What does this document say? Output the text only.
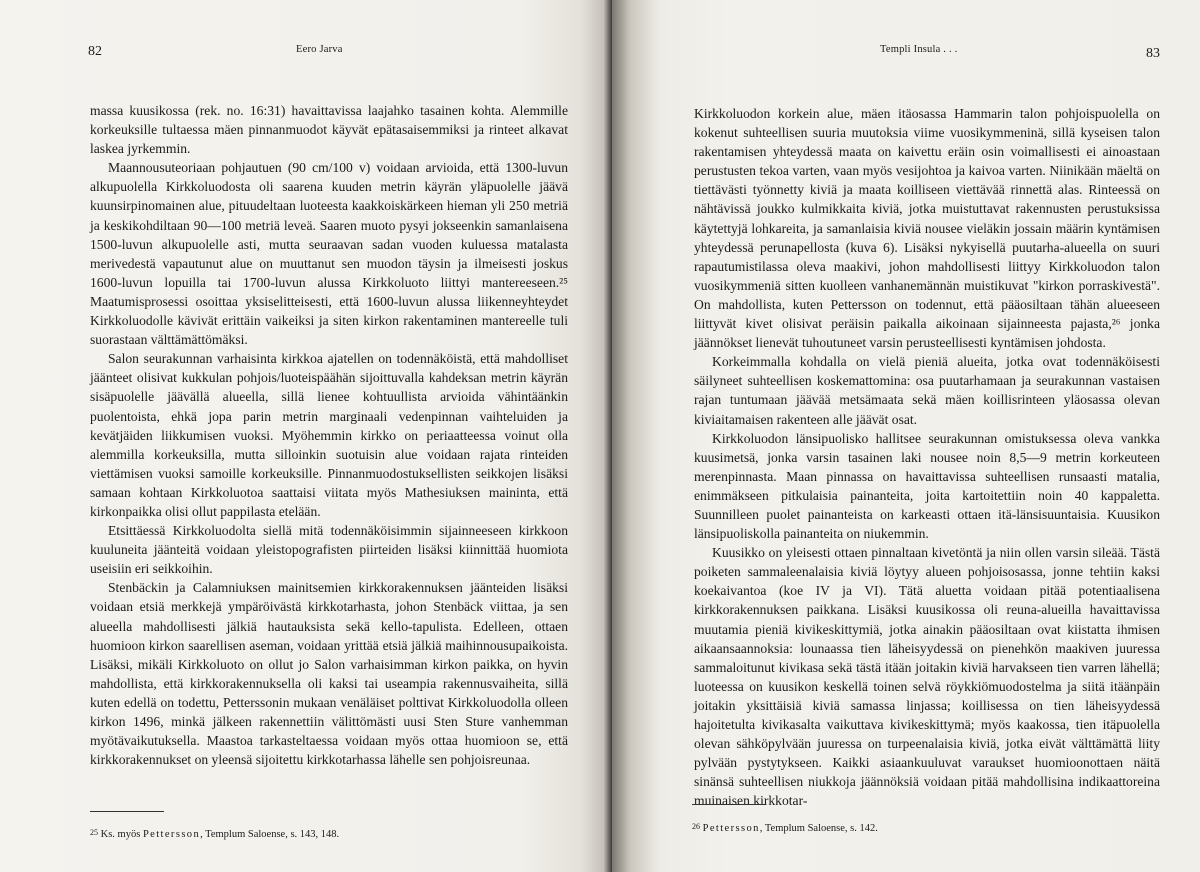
82	Eero Jarva

massa kuusikossa (rek. no. 16:31) havaittavissa laajahko tasainen kohta. Alemmille korkeuksille tultaessa mäen pinnanmuodot käyvät epätasaisemmiksi ja rinteet alkavat laskea jyrkemmin.

Maannousuteoriaan pohjautuen (90 cm/100 v) voidaan arvioida, että 1300-luvun alkupuolella Kirkkoluodosta oli saarena kuuden metrin käyrän yläpuolelle jäävä kuunsirpinomainen alue, pituudeltaan luoteesta kaakkoiskärkeen hieman yli 250 metriä ja keskikohdiltaan 90—100 metriä leveä. Saaren muoto pysyi jokseenkin samanlaisena 1500-luvun alkupuolelle asti, mutta seuraavan sadan vuoden kuluessa matalasta merivedestä vapautunut alue on muuttanut sen muodon täysin ja ilmeisesti joskus 1600-luvun lopuilla tai 1700-luvun alussa Kirkkoluoto liittyi mantereeseen.²⁵ Maatumisprosessi osoittaa yksiselitteisesti, että 1600-luvun alussa liikenneyhteydet Kirkkoluodolle kävivät erittäin vaikeiksi ja siten kirkon rakentaminen mantereelle tuli suorastaan välttämättömäksi.

Salon seurakunnan varhaisinta kirkkoa ajatellen on todennäköistä, että mahdolliset jäänteet olisivat kukkulan pohjois/luoteispäähän sijoittuvalla kahdeksan metrin käyrän sisäpuolelle jäävällä alueella, sillä lienee kohtuullista arvioida vähintäänkin puolentoista, ehkä jopa parin metrin marginaali vedenpinnan vaihteluiden ja kevätjäiden liikkumisen vuoksi. Myöhemmin kirkko on periaatteessa voinut olla alemmilla korkeuksilla, mutta silloinkin suotuisin alue voidaan rajata rinteiden viettämisen vuoksi samoille korkeuksille. Pinnanmuodostuksellisten seikkojen lisäksi samaan kohtaan Kirkkoluotoa saattaisi viitata myös Mathesiuksen maininta, että kirkonpaikka olisi ollut pappilasta etelään.

Etsittäessä Kirkkoluodolta siellä mitä todennäköisimmin sijainneeseen kirkkoon kuuluneita jäänteitä voidaan yleistopografisten piirteiden lisäksi kiinnittää huomiota useisiin eri seikkoihin.

Stenbäckin ja Calamniuksen mainitsemien kirkkorakennuksen jäänteiden lisäksi voidaan etsiä merkkejä ympäröivästä kirkkotarhasta, johon Stenbäck viittaa, ja sen alueella mahdollisesti jälkiä hautauksista sekä kello-tapulista. Edelleen, ottaen huomioon kirkon saarellisen aseman, voidaan yrittää etsiä jälkiä maihinnousupaikoista. Lisäksi, mikäli Kirkkoluoto on ollut jo Salon varhaisimman kirkon paikka, on hyvin mahdollista, että kirkkorakennuksella oli kaksi tai useampia rakennusvaiheita, sillä kuten edellä on todettu, Petterssonin mukaan venäläiset polttivat Kirkkoluodolla olleen kirkon 1496, minkä jälkeen rakennettiin välittömästi uusi Sten Sture vanhemman myötävaikutuksella. Maastoa tarkasteltaessa voidaan myös ottaa huomioon se, että kirkkorakennukset on yleensä sijoitettu kirkkotarhassa lähelle sen pohjoisreunaa.

25 Ks. myös Pettersson, Templum Saloense, s. 143, 148.
Templi Insula . . .	83

Kirkkoluodon korkein alue, mäen itäosassa Hammarin talon pohjoispuolella on kokenut suhteellisen suuria muutoksia viime vuosikymmeninä, sillä kyseisen talon rakentamisen yhteydessä maata on kaivettu eräin osin voimallisesti ei ainoastaan perustusten tekoa varten, vaan myös vesijohtoa ja kaivoa varten. Niinikään mäeltä on tiettävästi työnnetty kiviä ja maata koilliseen viettävää rinnettä alas. Rinteessä on nähtävissä joukko kulmikkaita kiviä, jotka muistuttavat rakennusten perustuksissa käytettyjä lohkareita, ja samanlaisia kiviä nousee vieläkin jossain määrin kyntämisen yhteydessä perunapellosta (kuva 6). Lisäksi nykyisellä puutarha-alueella on suuri rapautumistilassa oleva maakivi, johon mahdollisesti liittyy Kirkkoluodon talon vuosikymmeniä sitten kuolleen vanhanemännän muistikuvat "kirkon porraskivestä". On mahdollista, kuten Pettersson on todennut, että pääosiltaan tähän alueeseen liittyvät kivet olisivat peräisin paikalla aikoinaan sijainneesta pajasta,²⁶ jonka jäännökset lienevät tuhoutuneet varsin perusteellisesti kyntämisen johdosta.

Korkeimmalla kohdalla on vielä pieniä alueita, jotka ovat todennäköisesti säilyneet suhteellisen koskemattomina: osa puutarhamaan ja seurakunnan vastaisen rajan tuntumaan jäävää metsämaata sekä mäen koillisrinteen yläosassa olevan kiviaitamaisen rakenteen alle jäävät osat.

Kirkkoluodon länsipuolisko hallitsee seurakunnan omistuksessa oleva vankka kuusimetsä, jonka varsin tasainen laki nousee noin 8,5—9 metrin korkeuteen merenpinnasta. Maan pinnassa on havaittavissa suhteellisen runsaasti matalia, enimmäkseen pitkulaisia painanteita, joita kartoitettiin noin 40 kappaletta. Suunnilleen puolet painanteista on karkeasti ottaen itä-länsisuuntaisia. Kuusikon länsipuoliskolla painanteita on niukemmin.

Kuusikko on yleisesti ottaen pinnaltaan kivetöntä ja niin ollen varsin sileää. Tästä poiketen sammaleenalaisia kiviä löytyy alueen pohjoisosassa, jonne tehtiin kaksi koekaivantoa (koe IV ja VI). Tätä aluetta voidaan pitää potentiaalisena kirkkorakennuksen paikkana. Lisäksi kuusikossa oli reuna-alueilla havaittavissa muutamia pieniä kivikeskittymiä, jotka ainakin pääosiltaan ovat kiistatta ihmisen aikaansaannoksia: lounaassa tien läheisyydessä on pienehkön maakiven juuressa sammaloitunut kivikasa sekä tästä itään joitakin kiviä harvakseen tien varren lähellä; luoteessa on kuusikon keskellä toinen selvä röykkiömuodostelma ja siitä itäänpäin joitakin yksittäisiä kiviä samassa linjassa; koillisessa on tien läheisyydessä hajoitetulta kivikasalta vaikuttava kivikeskittymä; myös kaakossa, tien itäpuolella olevan sähköpylvään juuressa on turpeenalaisia kiviä, jotka eivät välttämättä liity pylvään pystytykseen. Kaikki asiaankuuluvat varaukset huomioonottaen näitä sinänsä suhteellisen niukkoja jäännöksiä voidaan pitää mahdollisina indikaattoreina muinaisen kirkkotar-

26 Pettersson, Templum Saloense, s. 142.
